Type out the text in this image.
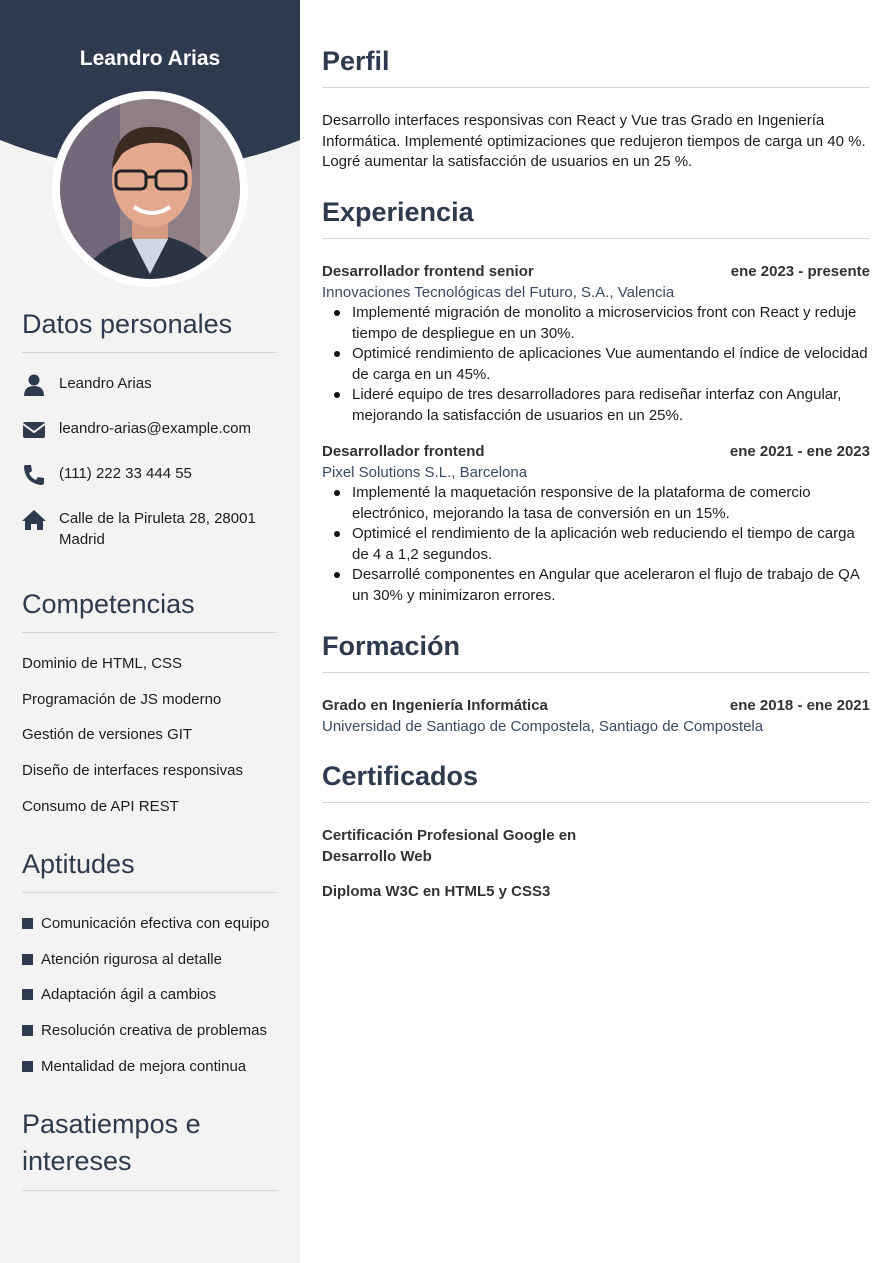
Leandro Arias
Datos personales
Leandro Arias
leandro-arias@example.com
(111) 222 33 444 55
Calle de la Piruleta 28, 28001 Madrid
Competencias
Dominio de HTML, CSS
Programación de JS moderno
Gestión de versiones GIT
Diseño de interfaces responsivas
Consumo de API REST
Aptitudes
Comunicación efectiva con equipo
Atención rigurosa al detalle
Adaptación ágil a cambios
Resolución creativa de problemas
Mentalidad de mejora continua
Pasatiempos e intereses
Perfil

Desarrollo interfaces responsivas con React y Vue tras Grado en Ingeniería Informática. Implementé optimizaciones que redujeron tiempos de carga un 40 %. Logré aumentar la satisfacción de usuarios en un 25 %.

Experiencia
Desarrollador frontend senior	ene 2023 - presente
Innovaciones Tecnológicas del Futuro, S.A., Valencia
Implementé migración de monolito a microservicios front con React y reduje tiempo de despliegue en un 30%.
Optimicé rendimiento de aplicaciones Vue aumentando el índice de velocidad de carga en un 45%.
Lideré equipo de tres desarrolladores para rediseñar interfaz con Angular, mejorando la satisfacción de usuarios en un 25%.
Desarrollador frontend	ene 2021 - ene 2023
Pixel Solutions S.L., Barcelona
Implementé la maquetación responsive de la plataforma de comercio electrónico, mejorando la tasa de conversión en un 15%.
Optimicé el rendimiento de la aplicación web reduciendo el tiempo de carga de 4 a 1,2 segundos.
Desarrollé componentes en Angular que aceleraron el flujo de trabajo de QA un 30% y minimizaron errores.
Formación
Grado en Ingeniería Informática	ene 2018 - ene 2021
Universidad de Santiago de Compostela, Santiago de Compostela
Certificados
Certificación Profesional Google en Desarrollo Web
Diploma W3C en HTML5 y CSS3
